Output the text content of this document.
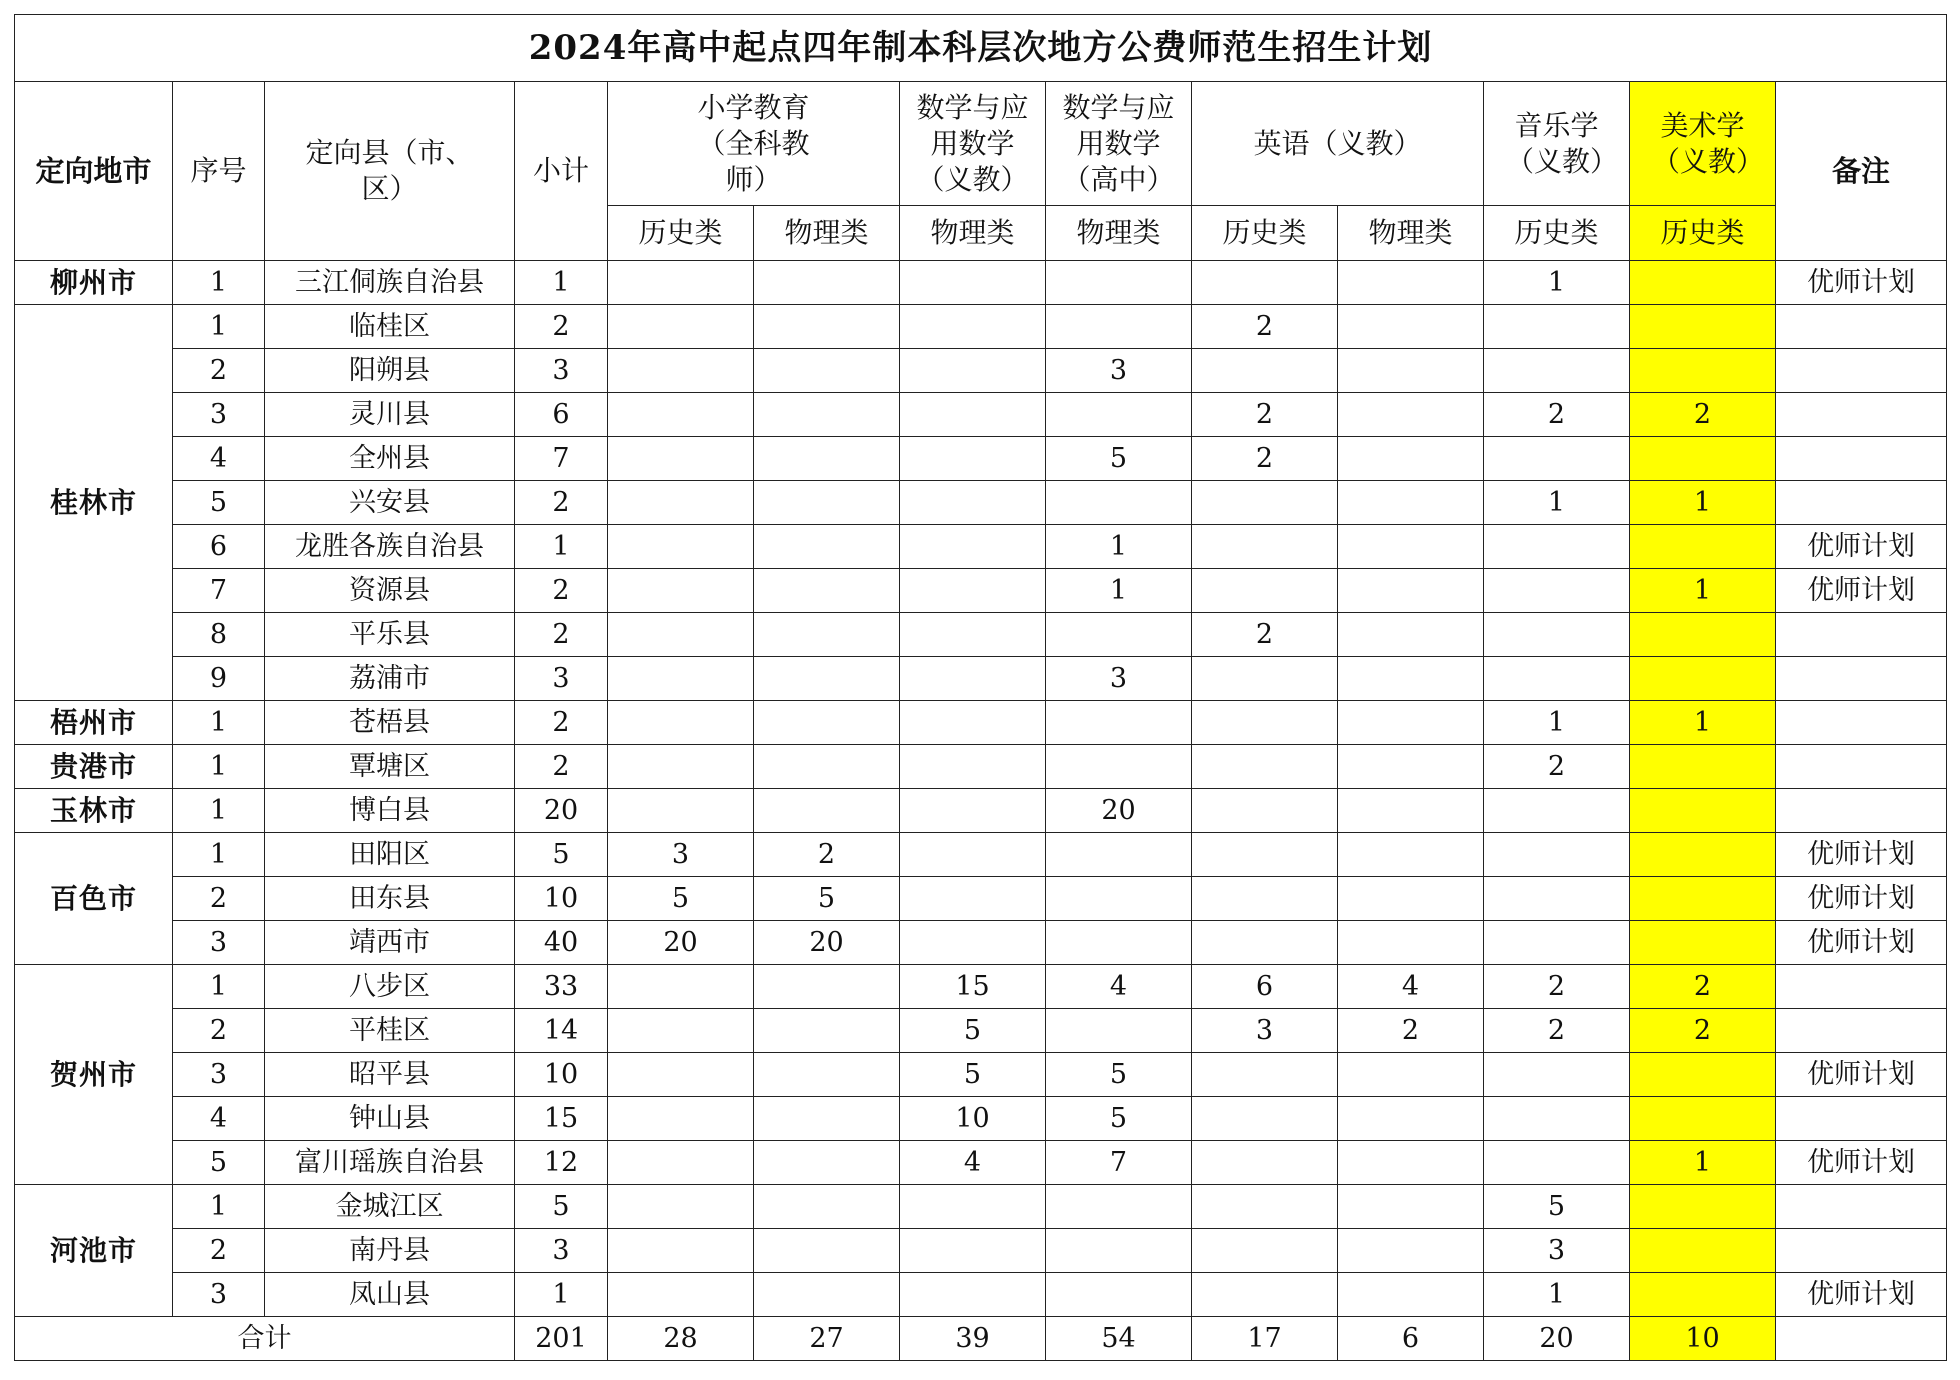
2024年高中起点四年制本科层次地方公费师范生招生计划												
定向地市	序号	定向县（市、区）	小计	小学教育（全科教师）		数学与应用数学（义教）	数学与应用数学（高中）	英语（义教）		音乐学（义教）	美术学（义教）	备注
				历史类	物理类	物理类	物理类	历史类	物理类	历史类	历史类	
柳州市	1	三江侗族自治县	1							1		优师计划
桂林市	1	临桂区	2					2				
	2	阳朔县	3				3					
	3	灵川县	6					2		2	2	
	4	全州县	7				5	2				
	5	兴安县	2							1	1	
	6	龙胜各族自治县	1				1					优师计划
	7	资源县	2				1				1	优师计划
	8	平乐县	2					2				
	9	荔浦市	3				3					
梧州市	1	苍梧县	2							1	1	
贵港市	1	覃塘区	2							2		
玉林市	1	博白县	20				20					
百色市	1	田阳区	5	3	2							优师计划
	2	田东县	10	5	5							优师计划
	3	靖西市	40	20	20							优师计划
贺州市	1	八步区	33			15	4	6	4	2	2	
	2	平桂区	14			5		3	2	2	2	
	3	昭平县	10			5	5					优师计划
	4	钟山县	15			10	5					
	5	富川瑶族自治县	12			4	7				1	优师计划
河池市	1	金城江区	5							5		
	2	南丹县	3							3		
	3	凤山县	1							1		优师计划
合计			201	28	27	39	54	17	6	20	10	
